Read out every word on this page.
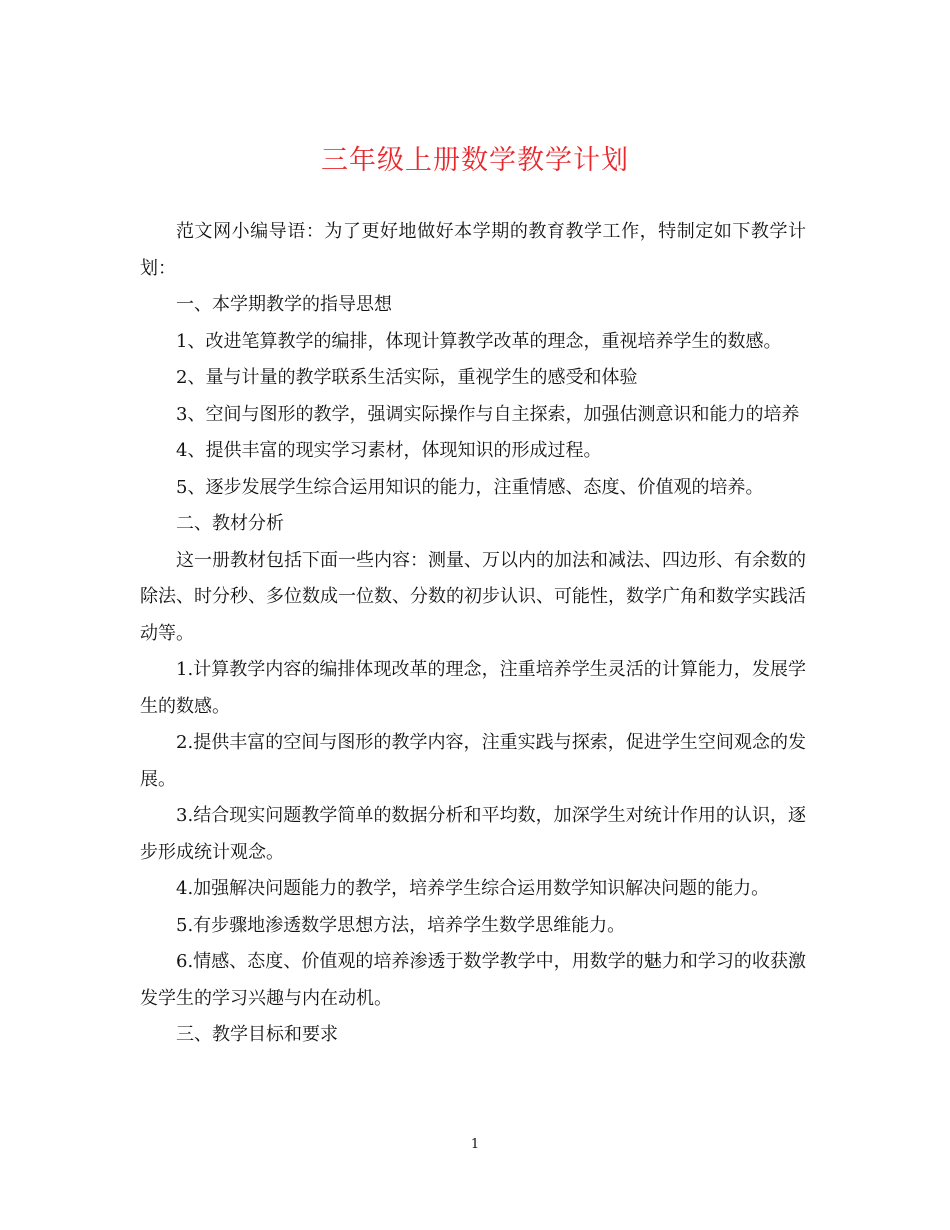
三年级上册数学教学计划

范文网小编导语：为了更好地做好本学期的教育教学工作，特制定如下教学计划：

一、本学期教学的指导思想

1、改进笔算教学的编排，体现计算教学改革的理念，重视培养学生的数感。

2、量与计量的教学联系生活实际，重视学生的感受和体验

3、空间与图形的教学，强调实际操作与自主探索，加强估测意识和能力的培养

4、提供丰富的现实学习素材，体现知识的形成过程。

5、逐步发展学生综合运用知识的能力，注重情感、态度、价值观的培养。

二、教材分析

这一册教材包括下面一些内容：测量、万以内的加法和减法、四边形、有余数的除法、时分秒、多位数成一位数、分数的初步认识、可能性，数学广角和数学实践活动等。

1.计算教学内容的编排体现改革的理念，注重培养学生灵活的计算能力，发展学生的数感。

2.提供丰富的空间与图形的教学内容，注重实践与探索，促进学生空间观念的发展。

3.结合现实问题教学简单的数据分析和平均数，加深学生对统计作用的认识，逐步形成统计观念。

4.加强解决问题能力的教学，培养学生综合运用数学知识解决问题的能力。

5.有步骤地渗透数学思想方法，培养学生数学思维能力。

6.情感、态度、价值观的培养渗透于数学教学中，用数学的魅力和学习的收获激发学生的学习兴趣与内在动机。

三、教学目标和要求

1
